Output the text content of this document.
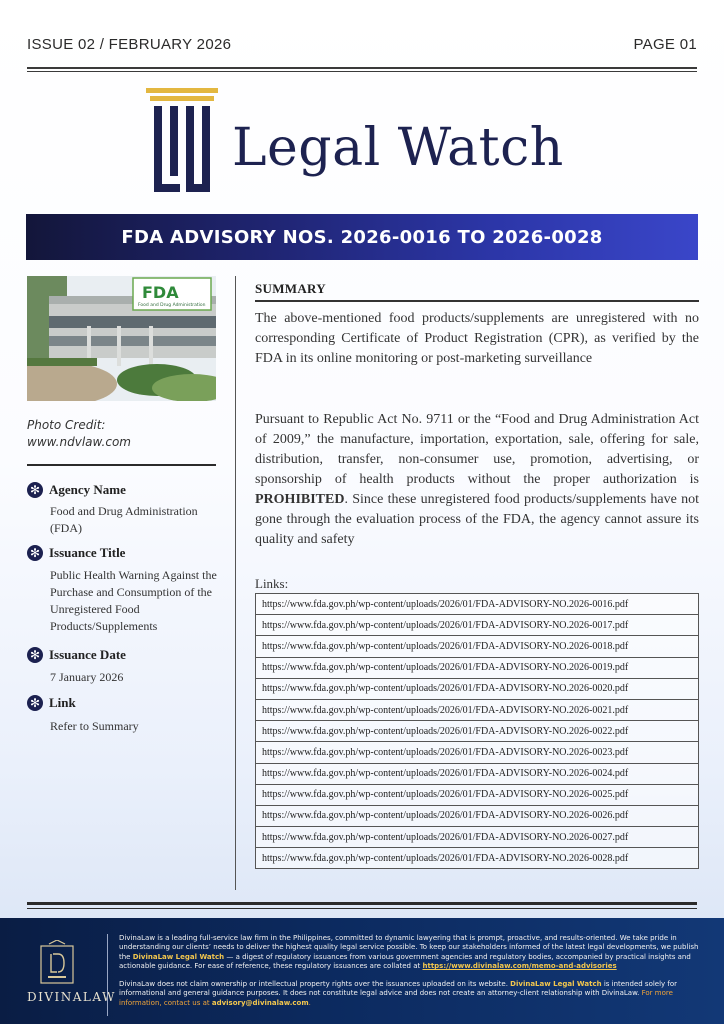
ISSUE 02 / FEBRUARY 2026	PAGE 01
Legal Watch
FDA ADVISORY NOS. 2026-0016 TO 2026-0028
FDA
Food and Drug Administration
Photo Credit:
www.ndvlaw.com
✻ Agency Name
Food and Drug Administration (FDA)
✻ Issuance Title
Public Health Warning Against the Purchase and Consumption of the Unregistered Food Products/Supplements
✻ Issuance Date
7 January 2026
✻ Link
Refer to Summary
SUMMARY
The above-mentioned food products/supplements are unregistered with no corresponding Certificate of Product Registration (CPR), as verified by the FDA in its online monitoring or post-marketing surveillance
Pursuant to Republic Act No. 9711 or the “Food and Drug Administration Act of 2009,” the manufacture, importation, exportation, sale, offering for sale, distribution, transfer, non-consumer use, promotion, advertising, or sponsorship of health products without the proper authorization is PROHIBITED. Since these unregistered food products/supplements have not gone through the evaluation process of the FDA, the agency cannot assure its quality and safety
Links:
https://www.fda.gov.ph/wp-content/uploads/2026/01/FDA-ADVISORY-NO.2026-0016.pdf
https://www.fda.gov.ph/wp-content/uploads/2026/01/FDA-ADVISORY-NO.2026-0017.pdf
https://www.fda.gov.ph/wp-content/uploads/2026/01/FDA-ADVISORY-NO.2026-0018.pdf
https://www.fda.gov.ph/wp-content/uploads/2026/01/FDA-ADVISORY-NO.2026-0019.pdf
https://www.fda.gov.ph/wp-content/uploads/2026/01/FDA-ADVISORY-NO.2026-0020.pdf
https://www.fda.gov.ph/wp-content/uploads/2026/01/FDA-ADVISORY-NO.2026-0021.pdf
https://www.fda.gov.ph/wp-content/uploads/2026/01/FDA-ADVISORY-NO.2026-0022.pdf
https://www.fda.gov.ph/wp-content/uploads/2026/01/FDA-ADVISORY-NO.2026-0023.pdf
https://www.fda.gov.ph/wp-content/uploads/2026/01/FDA-ADVISORY-NO.2026-0024.pdf
https://www.fda.gov.ph/wp-content/uploads/2026/01/FDA-ADVISORY-NO.2026-0025.pdf
https://www.fda.gov.ph/wp-content/uploads/2026/01/FDA-ADVISORY-NO.2026-0026.pdf
https://www.fda.gov.ph/wp-content/uploads/2026/01/FDA-ADVISORY-NO.2026-0027.pdf
https://www.fda.gov.ph/wp-content/uploads/2026/01/FDA-ADVISORY-NO.2026-0028.pdf
DIVINALAW
DivinaLaw is a leading full-service law firm in the Philippines, committed to dynamic lawyering that is prompt, proactive, and results-oriented. We take pride in understanding our clients’ needs to deliver the highest quality legal service possible. To keep our stakeholders informed of the latest legal developments, we publish the DivinaLaw Legal Watch — a digest of regulatory issuances from various government agencies and regulatory bodies, accompanied by practical insights and actionable guidance. For ease of reference, these regulatory issuances are collated at https://www.divinalaw.com/memo-and-advisories
DivinaLaw does not claim ownership or intellectual property rights over the issuances uploaded on its website. DivinaLaw Legal Watch is intended solely for informational and general guidance purposes. It does not constitute legal advice and does not create an attorney-client relationship with DivinaLaw. For more information, contact us at advisory@divinalaw.com.
